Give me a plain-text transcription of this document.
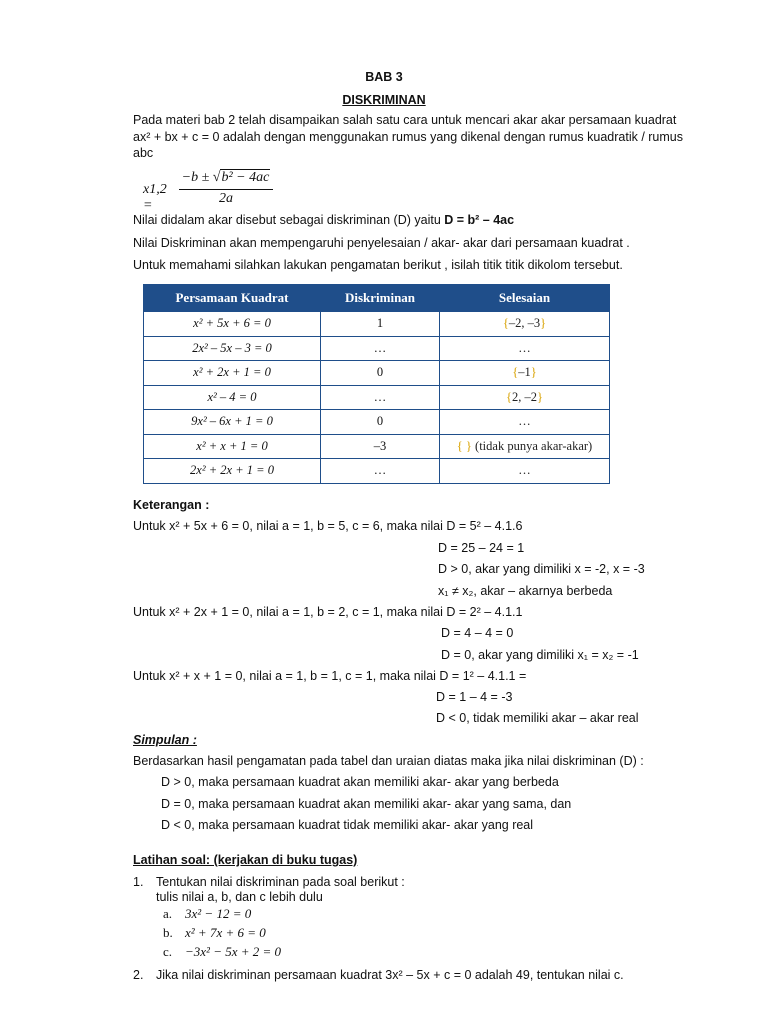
BAB 3
DISKRIMINAN
Pada materi bab 2 telah disampaikan salah satu cara untuk mencari akar akar persamaan kuadrat
ax² + bx + c = 0 adalah dengan menggunakan rumus yang dikenal dengan rumus kuadratik / rumus
abc
x1,2 =
−b ± √b² − 4ac
2a
Nilai didalam akar disebut sebagai diskriminan (D) yaitu D = b² – 4ac
Nilai Diskriminan akan mempengaruhi penyelesaian / akar- akar dari persamaan kuadrat .
Untuk memahami silahkan lakukan pengamatan berikut , isilah titik titik dikolom tersebut.
Persamaan Kuadrat	Diskriminan	Selesaian
x² + 5x + 6 = 0	1	{–2, –3}
2x² – 5x – 3 = 0	…	…
x² + 2x + 1 = 0	0	{–1}
x² – 4 = 0	…	{2, –2}
9x² – 6x + 1 = 0	0	…
x² + x + 1 = 0	–3	{ } (tidak punya akar-akar)
2x² + 2x + 1 = 0	…	…
Keterangan :
Untuk x² + 5x + 6 = 0, nilai a = 1, b = 5, c = 6, maka nilai D = 5² – 4.1.6
D = 25 – 24 = 1
D > 0, akar yang dimiliki x = -2, x = -3
x₁ ≠ x₂, akar – akarnya berbeda
Untuk x² + 2x + 1 = 0, nilai a = 1, b = 2, c = 1, maka nilai D = 2² – 4.1.1
D = 4 – 4 = 0
D = 0, akar yang dimiliki x₁ = x₂ = -1
Untuk x² + x + 1 = 0, nilai a = 1, b = 1, c = 1, maka nilai D = 1² – 4.1.1 =
D = 1 – 4 = -3
D < 0, tidak memiliki akar – akar real
Simpulan :
Berdasarkan hasil pengamatan pada tabel dan uraian diatas maka jika nilai diskriminan (D) :
D > 0, maka persamaan kuadrat akan memiliki akar- akar yang berbeda
D = 0, maka persamaan kuadrat akan memiliki akar- akar yang sama, dan
D < 0, maka persamaan kuadrat tidak memiliki akar- akar yang real
Latihan soal: (kerjakan di buku tugas)
1. Tentukan nilai diskriminan pada soal berikut :
tulis nilai a, b, dan c lebih dulu
a. 3x² − 12 = 0
b. x² + 7x + 6 = 0
c. −3x² − 5x + 2 = 0
2. Jika nilai diskriminan persamaan kuadrat 3x² – 5x + c = 0 adalah 49, tentukan nilai c.
